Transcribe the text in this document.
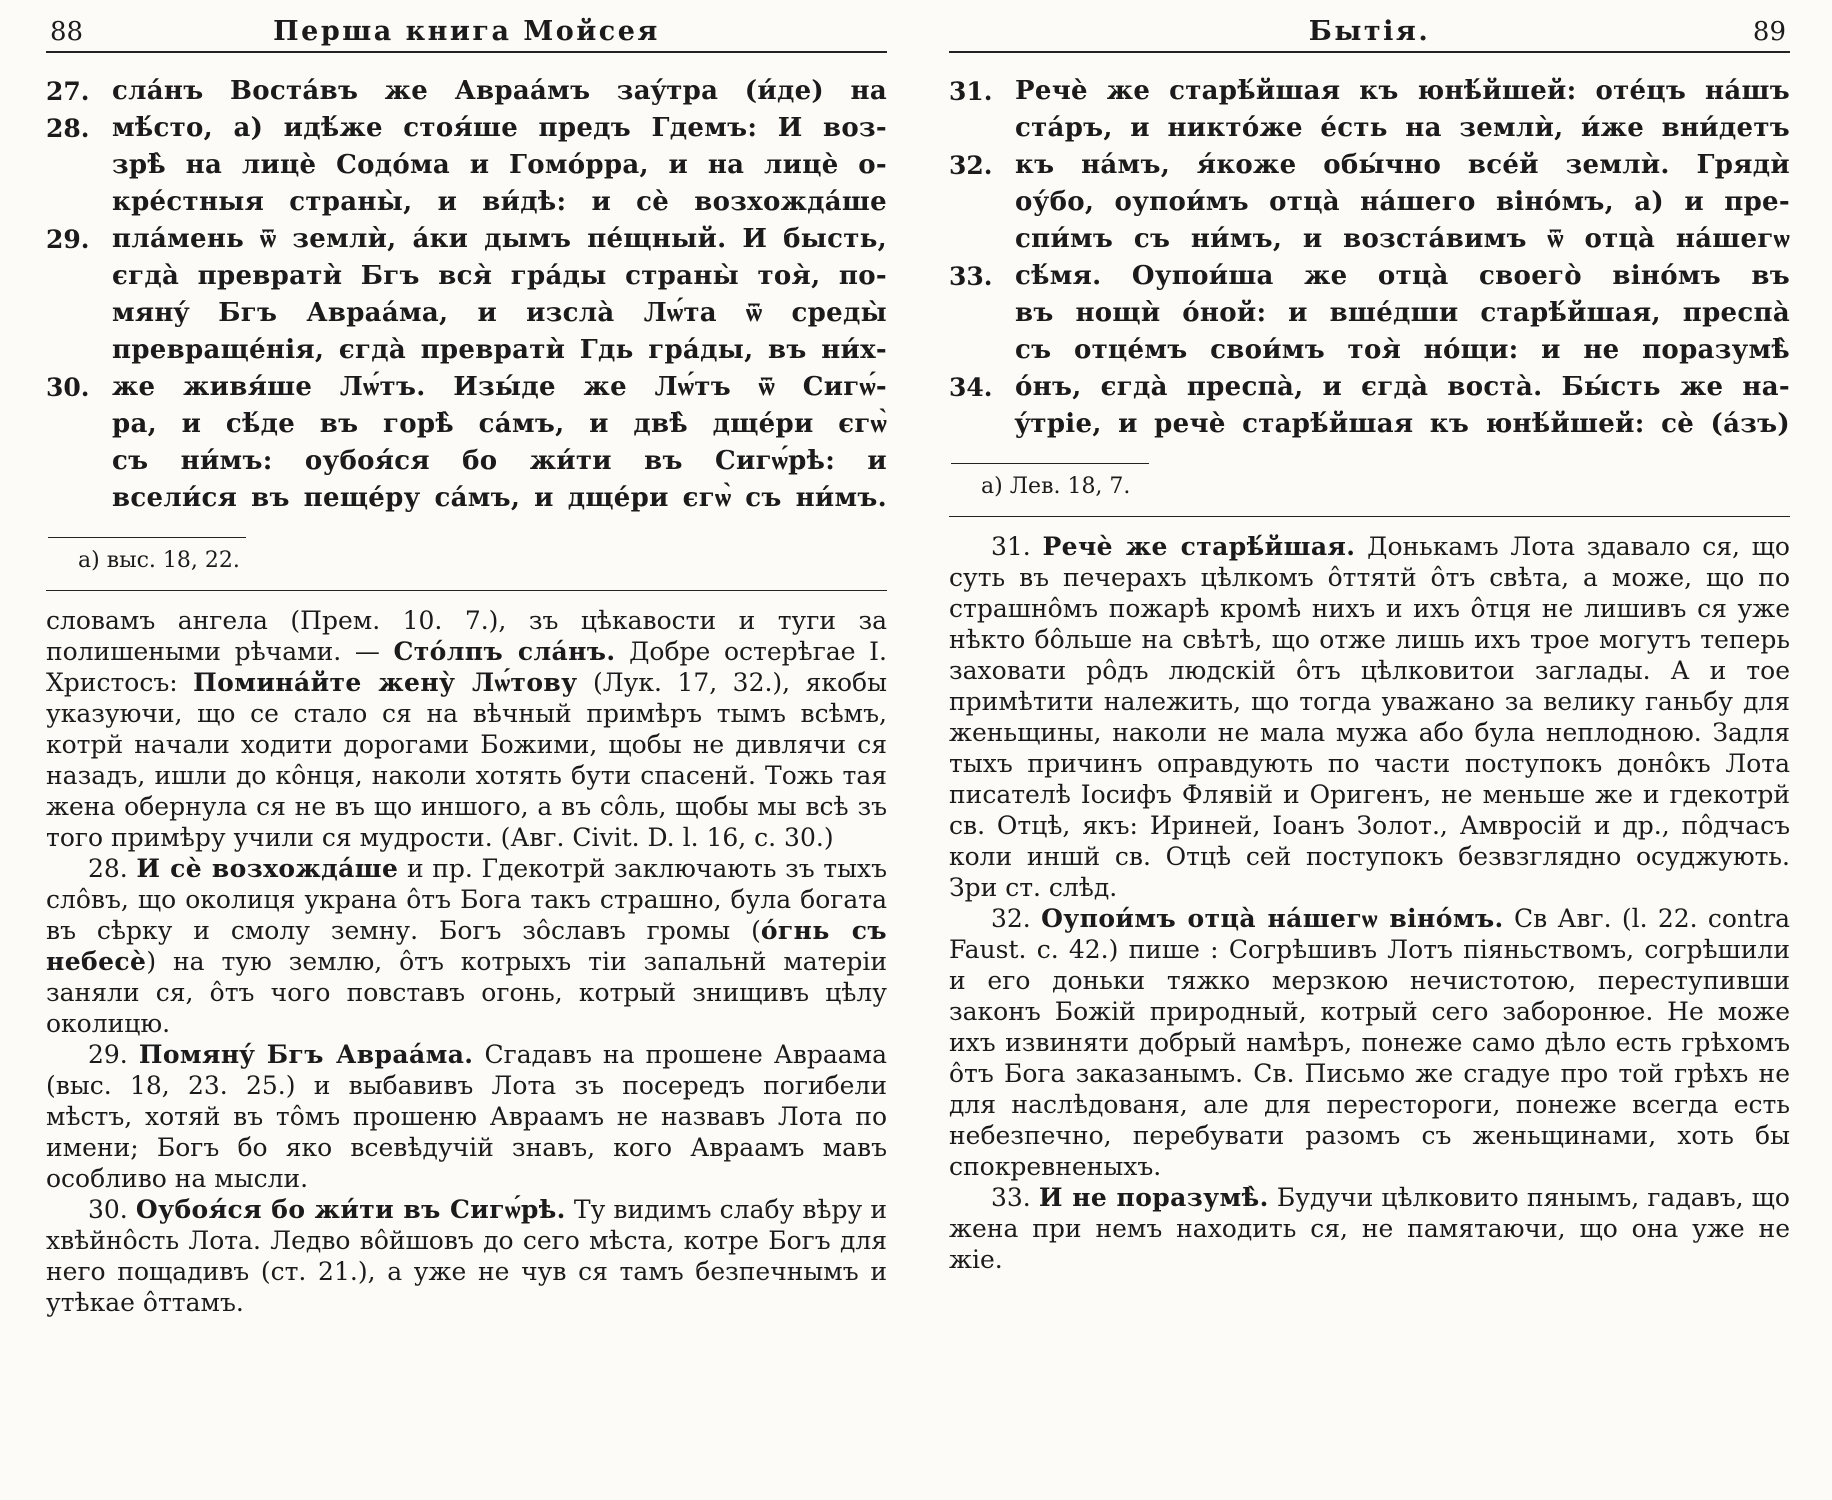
88	Перша книга Мойсея
27. слáнъ Востáвъ же Авраáмъ заýтра (и́де) на
28. мѣ́сто, а) идѣ́же стоя́ше предъ Гдемъ: И воз-
зрѣ̀ на лицè Содóма и Гомóрра, и на лицè о-
крéстныя страны̀, и ви́дѣ: и сè возхождáше
29. плáмень ѿ землѝ, áки дымъ пéщный. И бысть,
єгдà превратѝ Бгъ вся̀ грáды страны̀ тоя̀, по-
мянý Бгъ Авраáма, и изслà Лѡ́та ѿ среды̀
превращéнія, єгдà превратѝ Гдь грáды, въ ни́х-
30. же живя́ше Лѡ́тъ. Изы́де же Лѡ́тъ ѿ Сигѡ́-
ра, и сѣ́де въ горѣ̀ сáмъ, и двѣ̀ дщéри єгѡ̀
съ ни́мъ: оубоя́ся бо жи́ти въ Сигѡ́рѣ: и
всели́ся въ пещéру сáмъ, и дщéри єгѡ̀ съ ни́мъ.
а) выс. 18, 22.

словамъ ангела (Прем. 10. 7.), зъ цѣкавости и туги за полишеными рѣчами. — Стóлпъ слáнъ. Добре остерѣгае І. Христосъ: Поминáйте жену̀ Лѡ́тову (Лук. 17, 32.), якобы указуючи, що се стало ся на вѣчный примѣръ тымъ всѣмъ, котрй начали ходити дорогами Божими, щобы не дивлячи ся назадъ, ишли до кôнця, наколи хотять бути спасенй. Тожь тая жена обернула ся не въ що иншого, а въ сôль, щобы мы всѣ зъ того примѣру учили ся мудрости. (Авг. Civit. D. l. 16, с. 30.)

28. И сè возхождáше и пр. Гдекотрй заключають зъ тыхъ слôвъ, що околиця украна ôтъ Бога такъ страшно, була богата въ сѣрку и смолу земну. Богъ зôславъ громы (óгнь съ небесè) на тую землю, ôтъ котрыхъ тіи запальнй матеріи заняли ся, ôтъ чого повставъ огонь, котрый знищивъ цѣлу околицю.

29. Помянý Бгъ Авраáма. Сгадавъ на прошене Авраама (выс. 18, 23. 25.) и выбавивъ Лота зъ посередъ погибели мѣстъ, хотяй въ тôмъ прошеню Авраамъ не назвавъ Лота по имени; Богъ бо яко всевѣдучій знавъ, кого Авраамъ мавъ особливо на мысли.

30. Оубоя́ся бо жи́ти въ Сигѡ́рѣ. Ту видимъ слабу вѣру и хвѣйнôсть Лота. Ледво вôйшовъ до сего мѣста, котре Богъ для него пощадивъ (ст. 21.), а уже не чув ся тамъ безпечнымъ и утѣкае ôттамъ.

Бытія.	89
31. Речè же старѣ́йшая къ юнѣ́йшей: отéцъ нáшъ
стáръ, и никтóже éсть на землѝ, и́же вни́детъ
32. къ нáмъ, я́коже обы́чно всéй землѝ. Грядѝ
оу́бо, оупои́мъ отцà нáшего вінóмъ, а) и пре-
спи́мъ съ ни́мъ, и возстáвимъ ѿ отцà нáшегѡ
33. сѣ́мя. Оупои́ша же отцà своегò вінóмъ въ
въ нощѝ óной: и вшéдши старѣ́йшая, преспà
съ отцéмъ свои́мъ тоя̀ нóщи: и не поразумѣ̀
34. óнъ, єгдà преспà, и єгдà востà. Бы́сть же на-
ýтріе, и речè старѣ́йшая къ юнѣ́йшей: сè (áзъ)
а) Лев. 18, 7.

31. Речè же старѣ́йшая. Донькамъ Лота здавало ся, що суть въ печерахъ цѣлкомъ ôттятй ôтъ свѣта, а може, що по страшнôмъ пожарѣ кромѣ нихъ и ихъ ôтця не лишивъ ся уже нѣкто бôльше на свѣтѣ, що отже лишь ихъ трое могутъ теперь заховати рôдъ людскій ôтъ цѣлковитои заглады. А и тое примѣтити належить, що тогда уважано за велику ганьбу для женьщины, наколи не мала мужа або була неплодною. Задля тыхъ причинъ оправдують по части поступокъ донôкъ Лота писателѣ Іосифъ Флявій и Оригенъ, не меньше же и гдекотрй св. Отцѣ, якъ: Ириней, Іоанъ Золот., Амвросій и др., пôдчасъ коли иншй св. Отцѣ сей поступокъ безвзглядно осуджують. Зри ст. слѣд.

32. Оупои́мъ отцà нáшегѡ вінóмъ. Св Авг. (l. 22. contra Faust. c. 42.) пише : Согрѣшивъ Лотъ піяньствомъ, согрѣшили и его доньки тяжко мерзкою нечистотою, переступивши законъ Божій природный, котрый сего заборонюе. Не може ихъ извиняти добрый намѣръ, понеже само дѣло есть грѣхомъ ôтъ Бога заказанымъ. Св. Письмо же сгадуе про той грѣхъ не для наслѣдованя, але для перестороги, понеже всегда есть небезпечно, перебувати разомъ съ женьщинами, хоть бы спокревненыхъ.

33. И не поразумѣ̀. Будучи цѣлковито пянымъ, гадавъ, що жена при немъ находить ся, не памятаючи, що она уже не жіе.
